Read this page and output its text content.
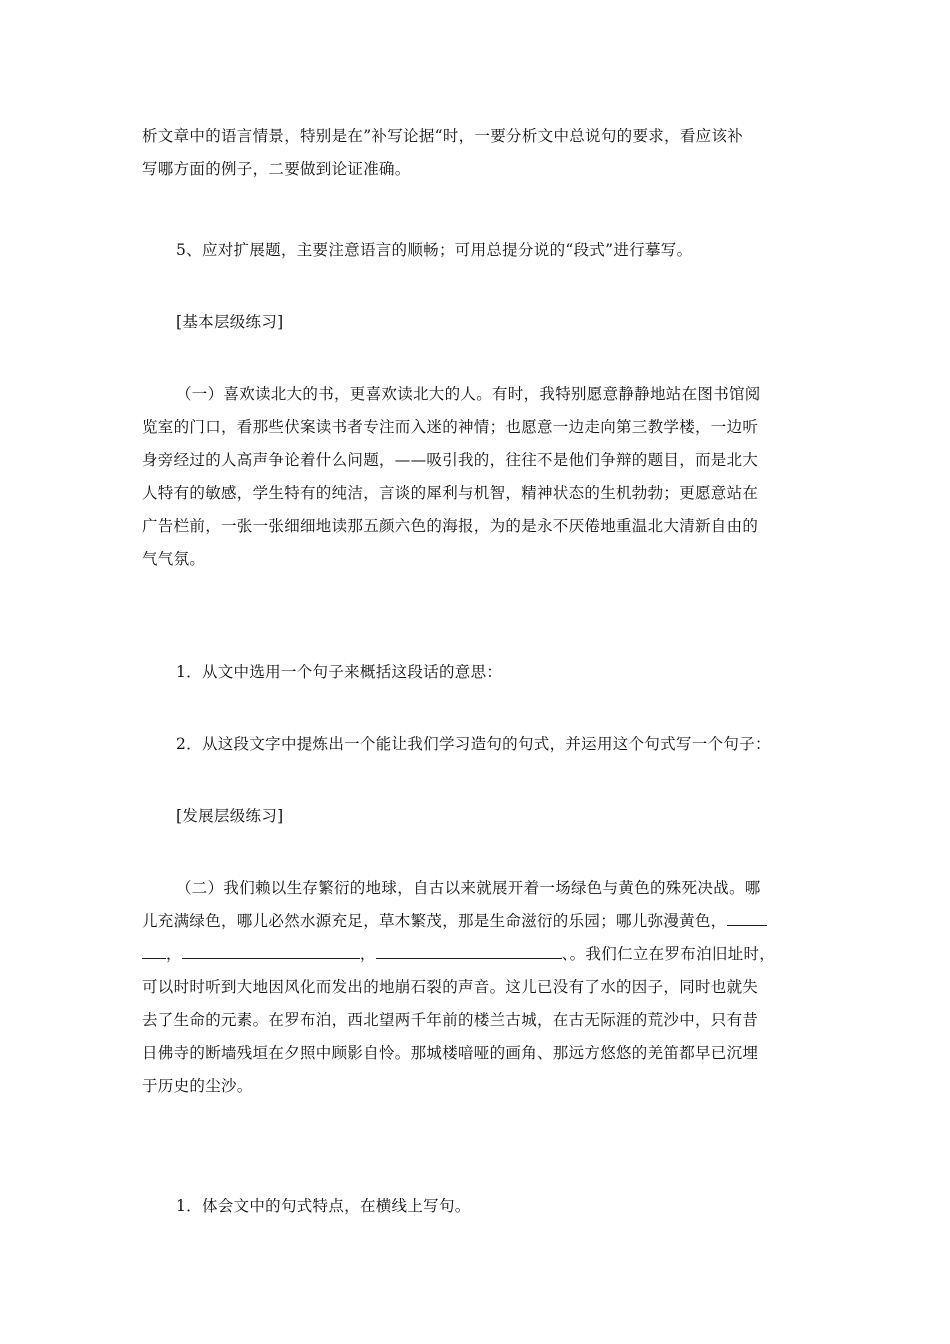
析文章中的语言情景，特别是在”补写论据“时，一要分析文中总说句的要求，看应该补
写哪方面的例子，二要做到论证准确。
5、应对扩展题，主要注意语言的顺畅；可用总提分说的“段式”进行摹写。
[基本层级练习]
（一）喜欢读北大的书，更喜欢读北大的人。有时，我特别愿意静静地站在图书馆阅
览室的门口，看那些伏案读书者专注而入迷的神情；也愿意一边走向第三教学楼，一边听
身旁经过的人高声争论着什么问题，——吸引我的，往往不是他们争辩的题目，而是北大
人特有的敏感，学生特有的纯洁，言谈的犀利与机智，精神状态的生机勃勃；更愿意站在
广告栏前，一张一张细细地读那五颜六色的海报，为的是永不厌倦地重温北大清新自由的
气气氛。
1．从文中选用一个句子来概括这段话的意思：
2．从这段文字中提炼出一个能让我们学习造句的句式，并运用这个句式写一个句子：
[发展层级练习]
（二）我们赖以生存繁衍的地球，自古以来就展开着一场绿色与黄色的殊死决战。哪
儿充满绿色，哪儿必然水源充足，草木繁茂，那是生命滋衍的乐园；哪儿弥漫黄色，
，	，	、。我们仁立在罗布泊旧址时，
可以时时听到大地因风化而发出的地崩石裂的声音。这儿已没有了水的因子，同时也就失
去了生命的元素。在罗布泊，西北望两千年前的楼兰古城，在古无际涯的荒沙中，只有昔
日佛寺的断墙残垣在夕照中顾影自怜。那城楼喑哑的画角、那远方悠悠的羌笛都早已沉埋
于历史的尘沙。
1．体会文中的句式特点，在横线上写句。
